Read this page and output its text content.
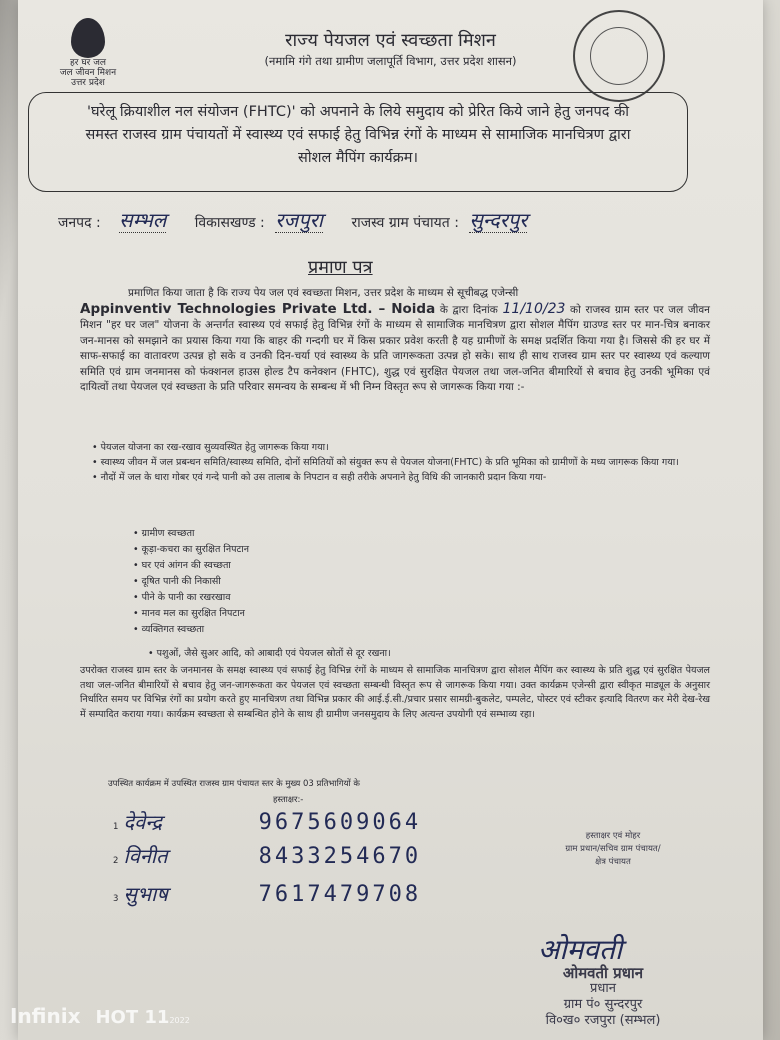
हर घर जल
जल जीवन मिशन
उत्तर प्रदेश
राज्य पेयजल एवं स्वच्छता मिशन
(नमामि गंगे तथा ग्रामीण जलापूर्ति विभाग, उत्तर प्रदेश शासन)
'घरेलू क्रियाशील नल संयोजन (FHTC)' को अपनाने के लिये समुदाय को प्रेरित किये जाने हेतु जनपद की
समस्त राजस्व ग्राम पंचायतों में स्वास्थ्य एवं सफाई हेतु विभिन्न रंगों के माध्यम से सामाजिक मानचित्रण द्वारा
सोशल मैपिंग कार्यक्रम।
जनपद : सम्भल विकासखण्ड : रजपुरा राजस्व ग्राम पंचायत : सुन्दरपुर
प्रमाण पत्र
प्रमाणित किया जाता है कि राज्य पेय जल एवं स्वच्छता मिशन, उत्तर प्रदेश के माध्यम से सूचीबद्ध एजेन्सी
Appinventiv Technologies Private Ltd. – Noida के द्वारा दिनांक 11/10/23 को राजस्व ग्राम स्तर पर जल जीवन मिशन "हर घर जल" योजना के अन्तर्गत स्वास्थ्य एवं सफाई हेतु विभिन्न रंगों के माध्यम से सामाजिक मानचित्रण द्वारा सोशल मैपिंग ग्राउण्ड स्तर पर मान-चित्र बनाकर जन-मानस को समझाने का प्रयास किया गया कि बाहर की गन्दगी घर में किस प्रकार प्रवेश करती है यह ग्रामीणों के समक्ष प्रदर्शित किया गया है। जिससे की हर घर में साफ-सफाई का वातावरण उत्पन्न हो सके व उनकी दिन-चर्या एवं स्वास्थ्य के प्रति जागरूकता उत्पन्न हो सके। साथ ही साथ राजस्व ग्राम स्तर पर स्वास्थ्य एवं कल्याण समिति एवं ग्राम जनमानस को फंक्शनल हाउस होल्ड टैप कनेक्शन (FHTC), शुद्ध एवं सुरक्षित पेयजल तथा जल-जनित बीमारियों से बचाव हेतु उनकी भूमिका एवं दायित्वों तथा पेयजल एवं स्वच्छता के प्रति परिवार समन्वय के सम्बन्ध में भी निम्न विस्तृत रूप से जागरूक किया गया :-
• पेयजल योजना का रख-रखाव सुव्यवस्थित हेतु जागरूक किया गया।
• स्वास्थ्य जीवन में जल प्रबन्धन समिति/स्वास्थ्य समिति, दोनों समितियों को संयुक्त रूप से पेयजल योजना(FHTC) के प्रति भूमिका को ग्रामीणों के मध्य जागरूक किया गया।
• नौदों में जल के धारा गोबर एवं गन्दे पानी को उस तालाब के निपटान व सही तरीके अपनाने हेतु विधि की जानकारी प्रदान किया गया-
• ग्रामीण स्वच्छता
• कूड़ा-कचरा का सुरक्षित निपटान
• घर एवं आंगन की स्वच्छता
• दूषित पानी की निकासी
• पीने के पानी का रखरखाव
• मानव मल का सुरक्षित निपटान
• व्यक्तिगत स्वच्छता
• पशुओं, जैसे सुअर आदि, को आबादी एवं पेयजल स्रोतों से दूर रखना।
उपरोक्त राजस्व ग्राम स्तर के जनमानस के समक्ष स्वास्थ्य एवं सफाई हेतु विभिन्न रंगों के माध्यम से सामाजिक मानचित्रण द्वारा सोशल मैपिंग कर स्वास्थ्य के प्रति शुद्ध एवं सुरक्षित पेयजल तथा जल-जनित बीमारियों से बचाव हेतु जन-जागरूकता कर पेयजल एवं स्वच्छता सम्बन्धी विस्तृत रूप से जागरूक किया गया। उक्त कार्यक्रम एजेन्सी द्वारा स्वीकृत माड्यूल के अनुसार निर्धारित समय पर विभिन्न रंगों का प्रयोग करते हुए मानचित्रण तथा विभिन्न प्रकार की आई.ई.सी./प्रचार प्रसार सामग्री-बुकलेट, पम्पलेट, पोस्टर एवं स्टीकर इत्यादि वितरण कर मेरी देख-रेख में सम्पादित कराया गया। कार्यक्रम स्वच्छता से सम्बन्धित होने के साथ ही ग्रामीण जनसमुदाय के लिए अत्यन्त उपयोगी एवं सम्भाव्य रहा।
उपस्थित कार्यक्रम में उपस्थित राजस्व ग्राम पंचायत स्तर के मुख्य 03 प्रतिभागियों के
हस्ताक्षर:-
1 देवेन्द्र	9675609064
2 विनीत	8433254670
3 सुभाष	7617479708
हस्ताक्षर एवं मोहर
ग्राम प्रधान/सचिव ग्राम पंचायत/
क्षेत्र पंचायत
ओमवती
ओमवती प्रधान
प्रधान
ग्राम पं० सुन्दरपुर
वि०ख० रजपुरा (सम्भल)
Infinix HOT 112022
